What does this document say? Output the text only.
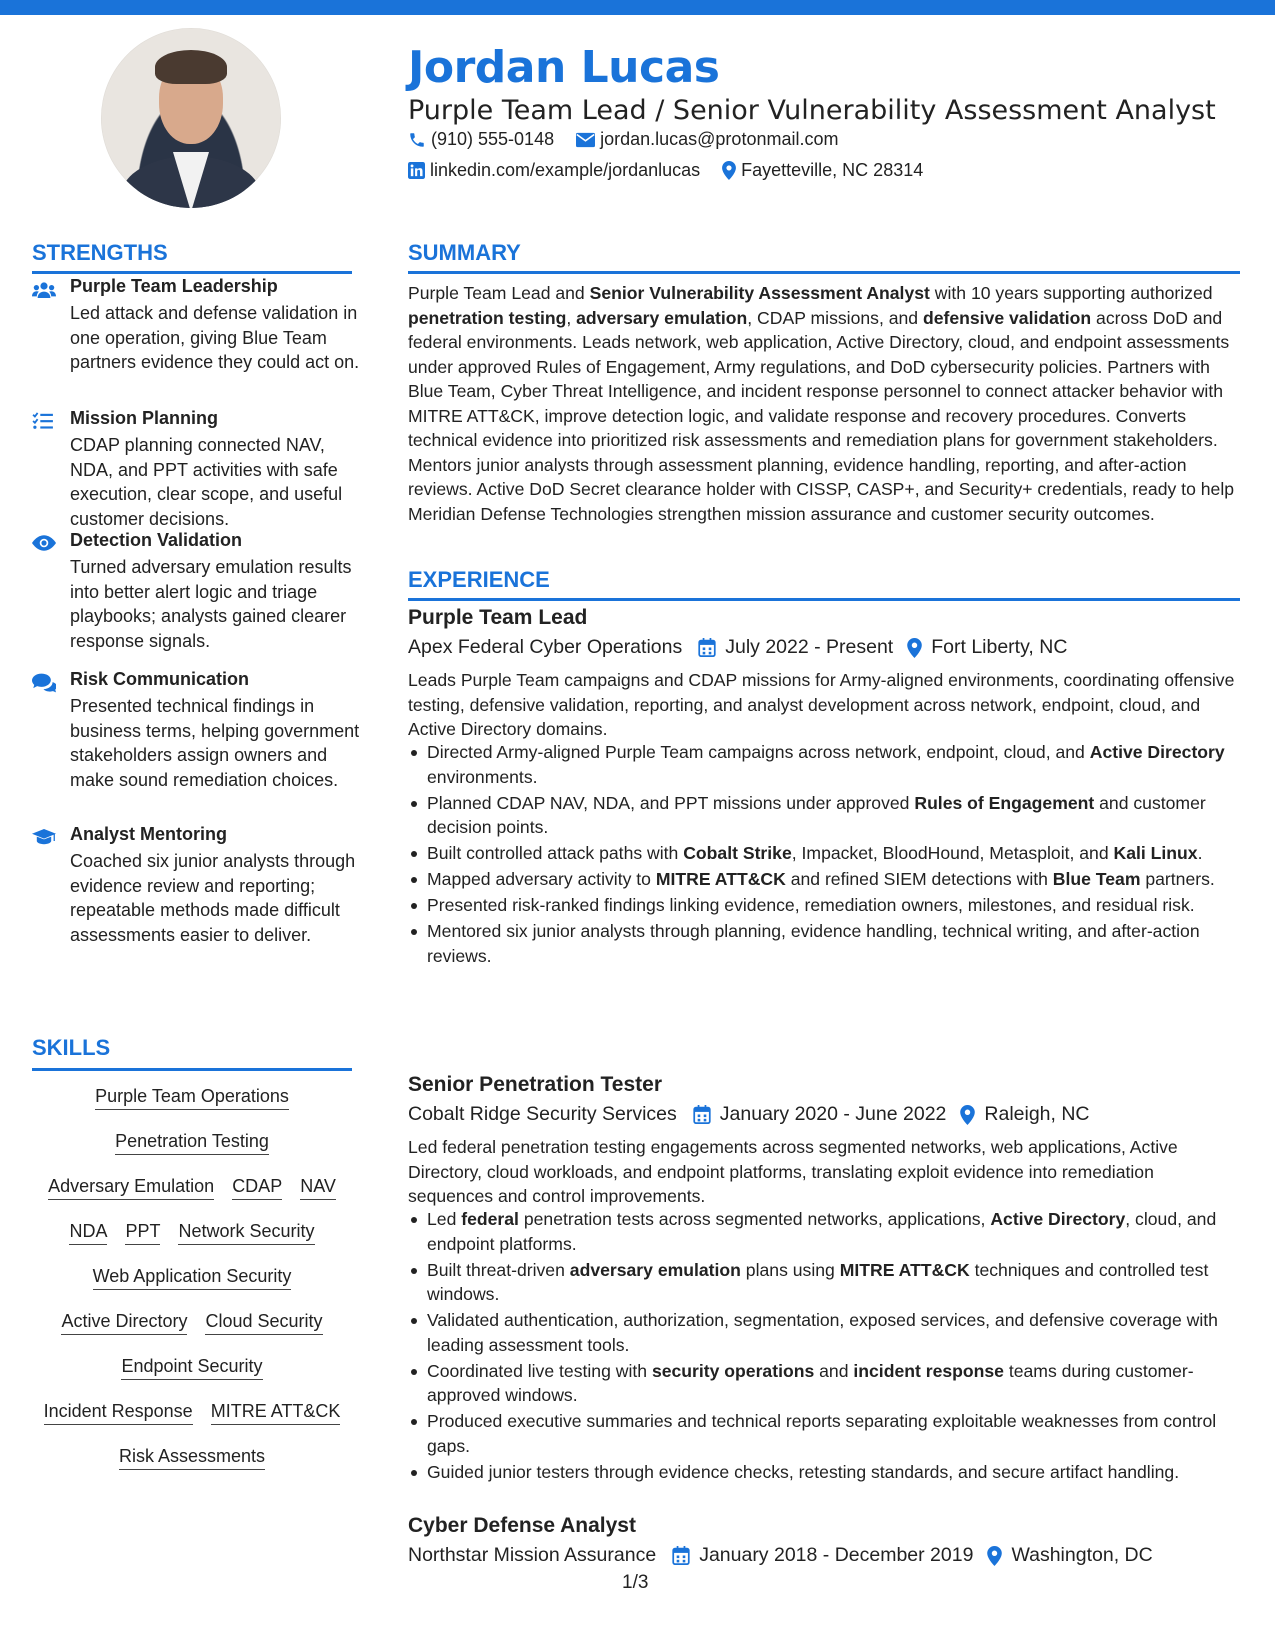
Jordan Lucas
Purple Team Lead / Senior Vulnerability Assessment Analyst
(910) 555-0148	jordan.lucas@protonmail.com
linkedin.com/example/jordanlucas Fayetteville, NC 28314
STRENGTHS
Purple Team Leadership
Led attack and defense validation in one operation, giving Blue Team partners evidence they could act on.
Mission Planning
CDAP planning connected NAV, NDA, and PPT activities with safe execution, clear scope, and useful customer decisions.
Detection Validation
Turned adversary emulation results into better alert logic and triage playbooks; analysts gained clearer response signals.
Risk Communication
Presented technical findings in business terms, helping government stakeholders assign owners and make sound remediation choices.
Analyst Mentoring
Coached six junior analysts through evidence review and reporting; repeatable methods made difficult assessments easier to deliver.
SKILLS
Purple Team Operations
Penetration Testing
Adversary Emulation CDAP NAV
NDA PPT Network Security
Web Application Security
Active Directory Cloud Security
Endpoint Security
Incident Response MITRE ATT&CK
Risk Assessments
SUMMARY
Purple Team Lead and Senior Vulnerability Assessment Analyst with 10 years supporting authorized penetration testing, adversary emulation, CDAP missions, and defensive validation across DoD and federal environments. Leads network, web application, Active Directory, cloud, and endpoint assessments under approved Rules of Engagement, Army regulations, and DoD cybersecurity policies. Partners with Blue Team, Cyber Threat Intelligence, and incident response personnel to connect attacker behavior with MITRE ATT&CK, improve detection logic, and validate response and recovery procedures. Converts technical evidence into prioritized risk assessments and remediation plans for government stakeholders. Mentors junior analysts through assessment planning, evidence handling, reporting, and after-action reviews. Active DoD Secret clearance holder with CISSP, CASP+, and Security+ credentials, ready to help Meridian Defense Technologies strengthen mission assurance and customer security outcomes.
EXPERIENCE
Purple Team Lead
Apex Federal Cyber Operations July 2022 - Present Fort Liberty, NC
Leads Purple Team campaigns and CDAP missions for Army-aligned environments, coordinating offensive testing, defensive validation, reporting, and analyst development across network, endpoint, cloud, and Active Directory domains.
Directed Army-aligned Purple Team campaigns across network, endpoint, cloud, and Active Directory environments.
Planned CDAP NAV, NDA, and PPT missions under approved Rules of Engagement and customer decision points.
Built controlled attack paths with Cobalt Strike, Impacket, BloodHound, Metasploit, and Kali Linux.
Mapped adversary activity to MITRE ATT&CK and refined SIEM detections with Blue Team partners.
Presented risk-ranked findings linking evidence, remediation owners, milestones, and residual risk.
Mentored six junior analysts through planning, evidence handling, technical writing, and after-action reviews.
Senior Penetration Tester
Cobalt Ridge Security Services January 2020 - June 2022 Raleigh, NC
Led federal penetration testing engagements across segmented networks, web applications, Active Directory, cloud workloads, and endpoint platforms, translating exploit evidence into remediation sequences and control improvements.
Led federal penetration tests across segmented networks, applications, Active Directory, cloud, and endpoint platforms.
Built threat-driven adversary emulation plans using MITRE ATT&CK techniques and controlled test windows.
Validated authentication, authorization, segmentation, exposed services, and defensive coverage with leading assessment tools.
Coordinated live testing with security operations and incident response teams during customer-approved windows.
Produced executive summaries and technical reports separating exploitable weaknesses from control gaps.
Guided junior testers through evidence checks, retesting standards, and secure artifact handling.
Cyber Defense Analyst
Northstar Mission Assurance January 2018 - December 2019 Washington, DC
1/3
